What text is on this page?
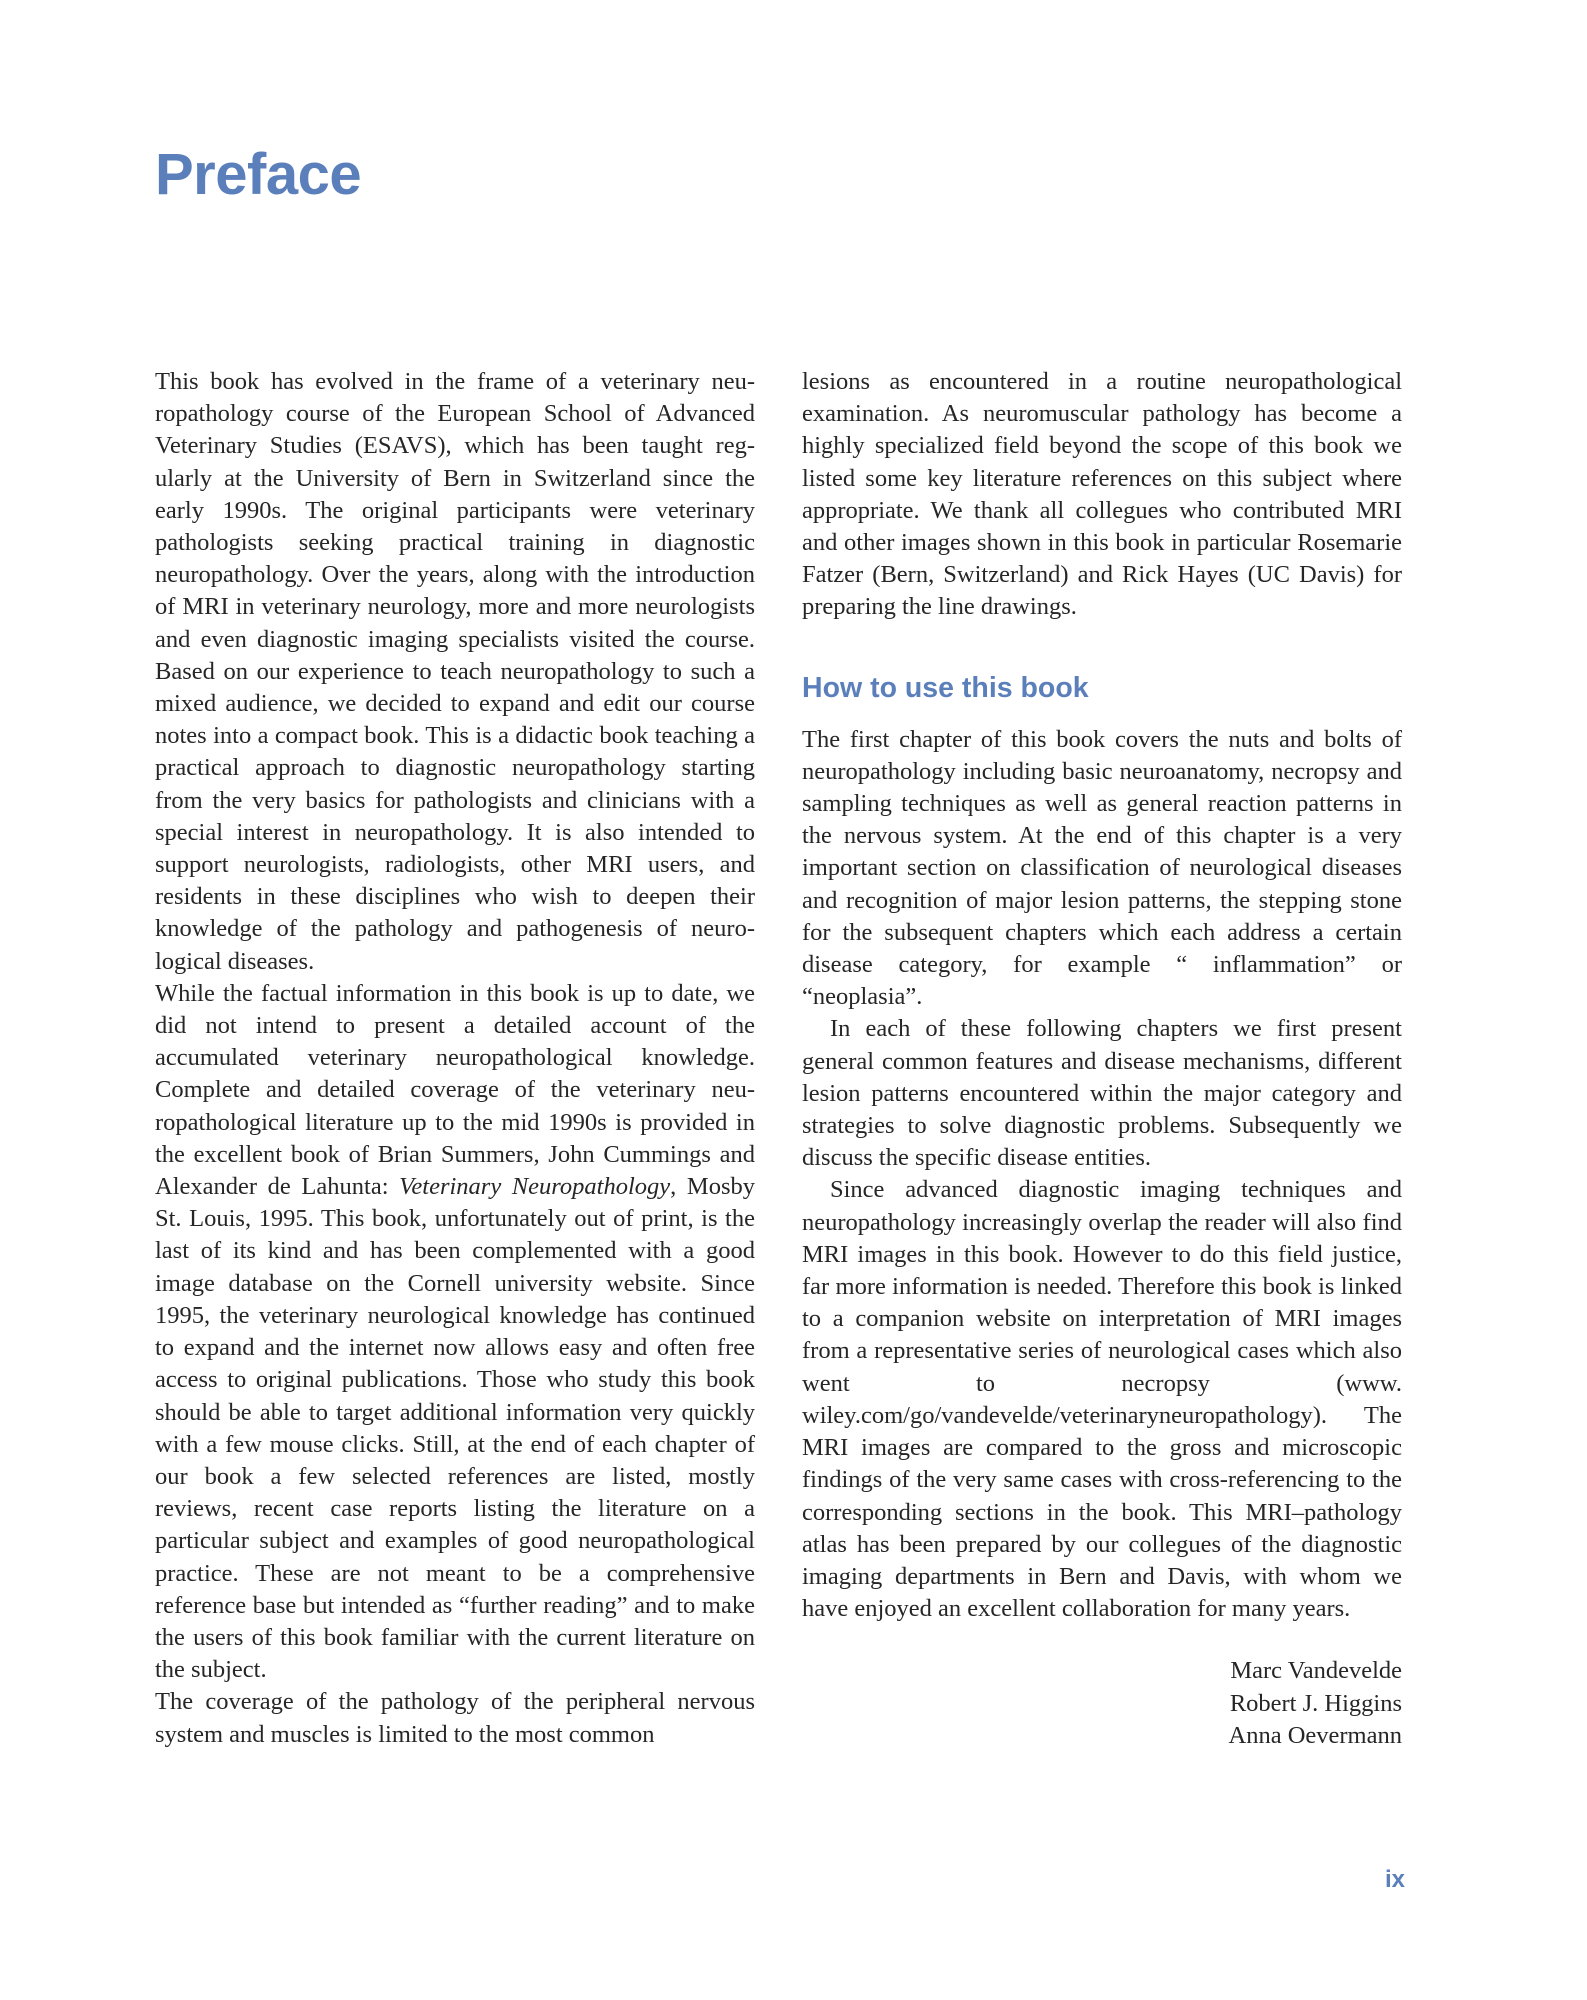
Preface

This book has evolved in the frame of a veterinary neuropathology course of the European School of Advanced Veterinary Studies (ESAVS), which has been taught regularly at the University of Bern in Switzerland since the early 1990s. The original participants were veterinary pathologists seeking practical training in diagnostic neuropathology. Over the years, along with the introduction of MRI in veterinary neurology, more and more neurologists and even diagnostic imaging specialists visited the course. Based on our experience to teach neuropathology to such a mixed audience, we decided to expand and edit our course notes into a compact book. This is a didactic book teaching a practical approach to diagnostic neuropathology starting from the very basics for pathologists and clinicians with a special interest in neuropathology. It is also intended to support neurologists, radiologists, other MRI users, and residents in these disciplines who wish to deepen their knowledge of the pathology and pathogenesis of neurological diseases.

While the factual information in this book is up to date, we did not intend to present a detailed account of the accumulated veterinary neuropathological knowledge. Complete and detailed coverage of the veterinary neuropathological literature up to the mid 1990s is provided in the excellent book of Brian Summers, John Cummings and Alexander de Lahunta: Veterinary Neuropathology, Mosby St. Louis, 1995. This book, unfortunately out of print, is the last of its kind and has been complemented with a good image database on the Cornell university website. Since 1995, the veterinary neurological knowledge has continued to expand and the internet now allows easy and often free access to original publications. Those who study this book should be able to target additional information very quickly with a few mouse clicks. Still, at the end of each chapter of our book a few selected references are listed, mostly reviews, recent case reports listing the literature on a particular subject and examples of good neuropathological practice. These are not meant to be a comprehensive reference base but intended as “further reading” and to make the users of this book familiar with the current literature on the subject.

The coverage of the pathology of the peripheral nervous system and muscles is limited to the most common

lesions as encountered in a routine neuropathological examination. As neuromuscular pathology has become a highly specialized field beyond the scope of this book we listed some key literature references on this subject where appropriate. We thank all collegues who contributed MRI and other images shown in this book in particular Rosemarie Fatzer (Bern, Switzerland) and Rick Hayes (UC Davis) for preparing the line drawings.

How to use this book

The first chapter of this book covers the nuts and bolts of neuropathology including basic neuroanatomy, necropsy and sampling techniques as well as general reaction patterns in the nervous system. At the end of this chapter is a very important section on classification of neurological diseases and recognition of major lesion patterns, the stepping stone for the subsequent chapters which each address a certain disease category, for example “ inflammation” or “neoplasia”.

In each of these following chapters we first present general common features and disease mechanisms, different lesion patterns encountered within the major category and strategies to solve diagnostic problems. Subsequently we discuss the specific disease entities.

Since advanced diagnostic imaging techniques and neuropathology increasingly overlap the reader will also find MRI images in this book. However to do this field justice, far more information is needed. Therefore this book is linked to a companion website on interpretation of MRI images from a representative series of neurological cases which also went to necropsy (www.​wiley.com/go/vandevelde/veterinaryneuropathology). The MRI images are compared to the gross and microscopic findings of the very same cases with cross-referencing to the corresponding sections in the book. This MRI–pathology atlas has been prepared by our collegues of the diagnostic imaging departments in Bern and Davis, with whom we have enjoyed an excellent collaboration for many years.

Marc Vandevelde
Robert J. Higgins
Anna Oevermann
ix
